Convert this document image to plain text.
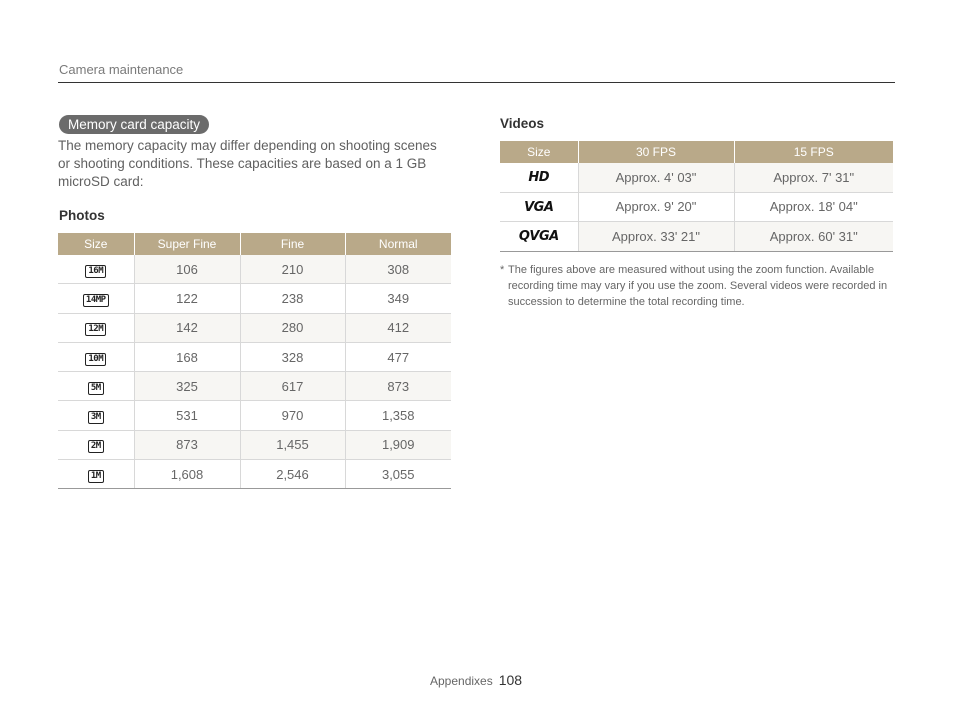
Camera maintenance
Memory card capacity
The memory capacity may differ depending on shooting scenes or shooting conditions. These capacities are based on a 1 GB microSD card:
Photos
Size	Super Fine	Fine	Normal
16M	106	210	308
14MP	122	238	349
12M	142	280	412
10M	168	328	477
5M	325	617	873
3M	531	970	1,358
2M	873	1,455	1,909
1M	1,608	2,546	3,055
Videos
Size	30 FPS	15 FPS
HD	Approx. 4' 03"	Approx. 7' 31"
VGA	Approx. 9' 20"	Approx. 18' 04"
QVGA	Approx. 33' 21"	Approx. 60' 31"
* The figures above are measured without using the zoom function. Available recording time may vary if you use the zoom. Several videos were recorded in succession to determine the total recording time.
Appendixes 108
